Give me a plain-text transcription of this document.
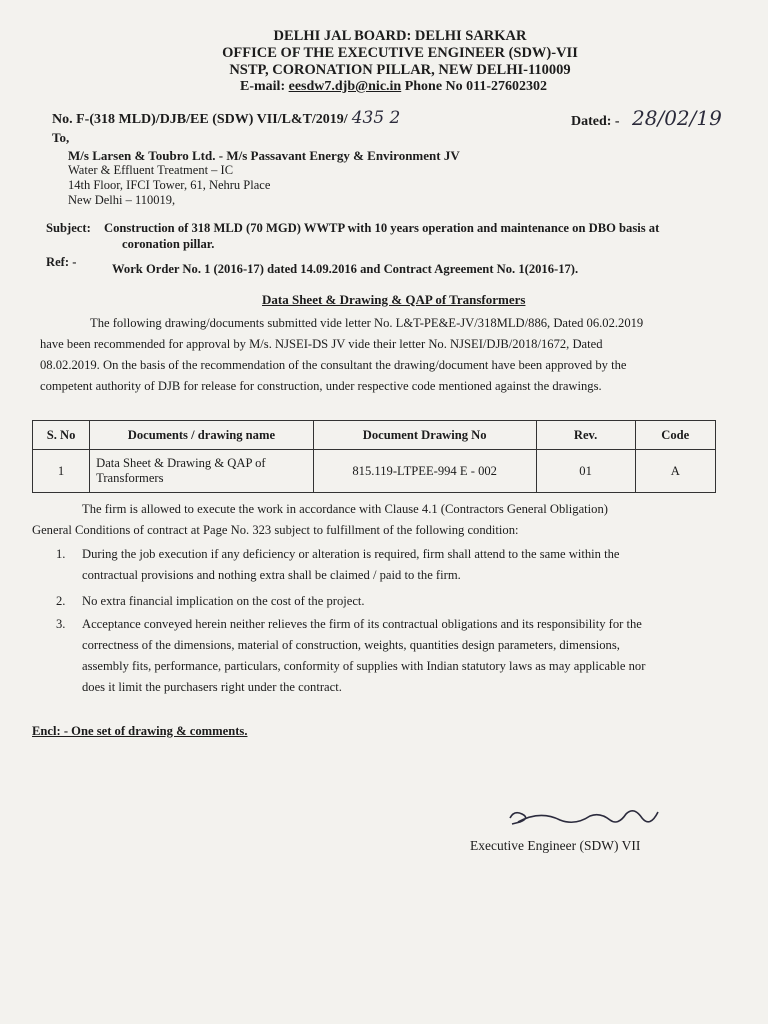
DELHI JAL BOARD: DELHI SARKAR
OFFICE OF THE EXECUTIVE ENGINEER (SDW)-VII
NSTP, CORONATION PILLAR, NEW DELHI-110009
E-mail: eesdw7.djb@nic.in Phone No 011-27602302
No. F-(318 MLD)/DJB/EE (SDW) VII/L&T/2019/ 435 2	Dated: - 28/02/19
To,
M/s Larsen & Toubro Ltd. - M/s Passavant Energy & Environment JV
Water & Effluent Treatment – IC
14th Floor, IFCI Tower, 61, Nehru Place
New Delhi – 110019,
Subject: Construction of 318 MLD (70 MGD) WWTP with 10 years operation and maintenance on DBO basis at
coronation pillar.
Ref: -	Work Order No. 1 (2016-17) dated 14.09.2016 and Contract Agreement No. 1(2016-17).
Data Sheet & Drawing & QAP of Transformers
The following drawing/documents submitted vide letter No. L&T-PE&E-JV/318MLD/886, Dated 06.02.2019
have been recommended for approval by M/s. NJSEI-DS JV vide their letter No. NJSEI/DJB/2018/1672, Dated
08.02.2019. On the basis of the recommendation of the consultant the drawing/document have been approved by the
competent authority of DJB for release for construction, under respective code mentioned against the drawings.
S. No	Documents / drawing name	Document Drawing No	Rev.	Code
1	Data Sheet & Drawing & QAP of
Transformers	815.119-LTPEE-994 E - 002	01	A
The firm is allowed to execute the work in accordance with Clause 4.1 (Contractors General Obligation)
General Conditions of contract at Page No. 323 subject to fulfillment of the following condition:
1. During the job execution if any deficiency or alteration is required, firm shall attend to the same within the
contractual provisions and nothing extra shall be claimed / paid to the firm.
2. No extra financial implication on the cost of the project.
3. Acceptance conveyed herein neither relieves the firm of its contractual obligations and its responsibility for the
correctness of the dimensions, material of construction, weights, quantities design parameters, dimensions,
assembly fits, performance, particulars, conformity of supplies with Indian statutory laws as may applicable nor
does it limit the purchasers right under the contract.
Encl: - One set of drawing & comments.
Executive Engineer (SDW) VII
